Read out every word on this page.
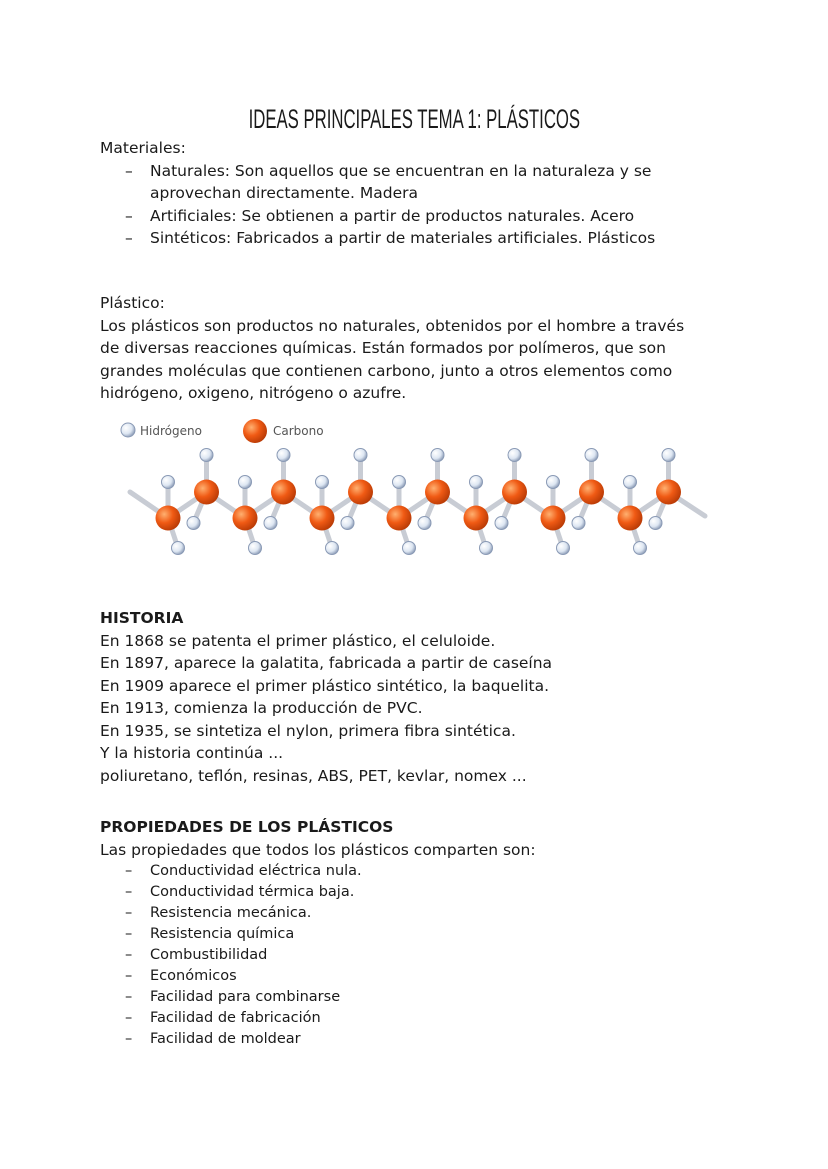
IDEAS PRINCIPALES TEMA 1: PLÁSTICOS

Materiales:

– Naturales: Son aquellos que se encuentran en la naturaleza y se aprovechan directamente. Madera
– Artificiales: Se obtienen a partir de productos naturales. Acero
– Sintéticos: Fabricados a partir de materiales artificiales. Plásticos

Plástico:

Los plásticos son productos no naturales, obtenidos por el hombre a través

de diversas reacciones químicas. Están formados por polímeros, que son

grandes moléculas que contienen carbono, junto a otros elementos como

hidrógeno, oxigeno, nitrógeno o azufre.

Hidrógeno	Carbono

HISTORIA

En 1868 se patenta el primer plástico, el celuloide.

En 1897, aparece la galatita, fabricada a partir de caseína

En 1909 aparece el primer plástico sintético, la baquelita.

En 1913, comienza la producción de PVC.

En 1935, se sintetiza el nylon, primera fibra sintética.

Y la historia continúa ...

poliuretano, teflón, resinas, ABS, PET, kevlar, nomex ...

PROPIEDADES DE LOS PLÁSTICOS

Las propiedades que todos los plásticos comparten son:

– Conductividad eléctrica nula.
– Conductividad térmica baja.
– Resistencia mecánica.
– Resistencia química
– Combustibilidad
– Económicos
– Facilidad para combinarse
– Facilidad de fabricación
– Facilidad de moldear
